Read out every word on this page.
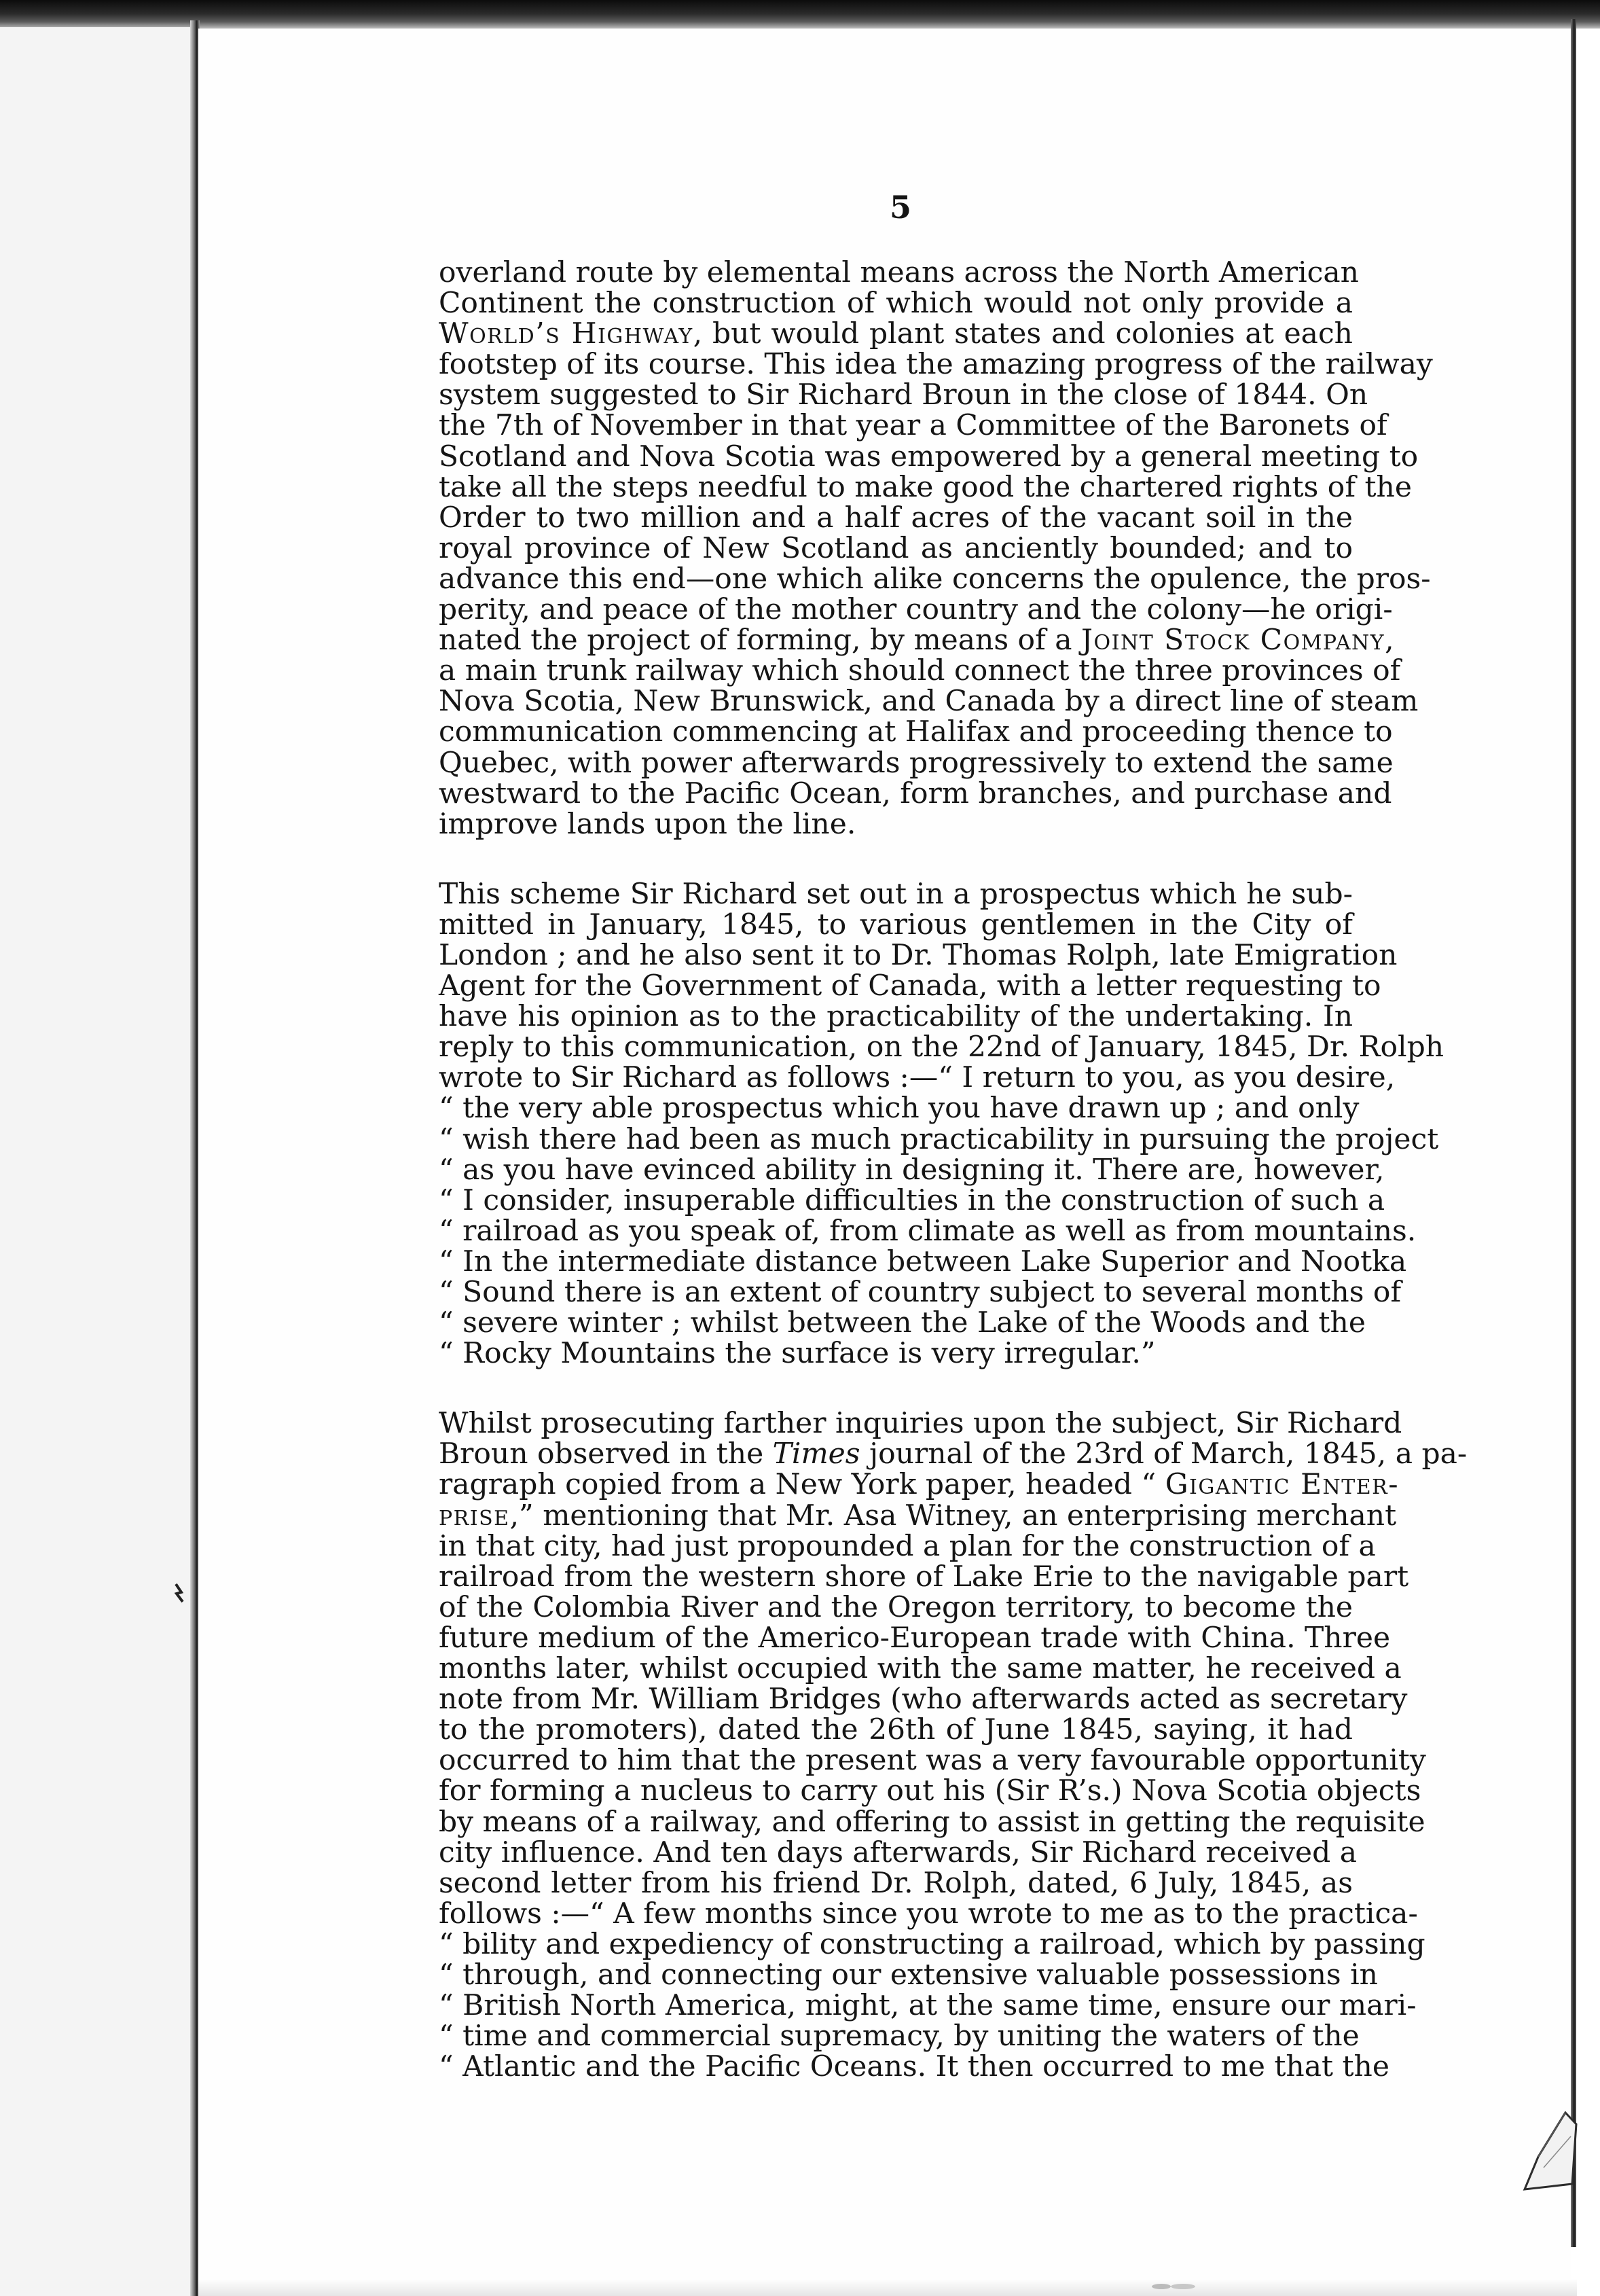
5
overland route by elemental means across the North American
Continent the construction of which would not only provide a
World’s Highway, but would plant states and colonies at each
footstep of its course. This idea the amazing progress of the railway
system suggested to Sir Richard Broun in the close of 1844. On
the 7th of November in that year a Committee of the Baronets of
Scotland and Nova Scotia was empowered by a general meeting to
take all the steps needful to make good the chartered rights of the
Order to two million and a half acres of the vacant soil in the
royal province of New Scotland as anciently bounded; and to
advance this end—one which alike concerns the opulence, the pros-
perity, and peace of the mother country and the colony—he origi-
nated the project of forming, by means of a Joint Stock Company,
a main trunk railway which should connect the three provinces of
Nova Scotia, New Brunswick, and Canada by a direct line of steam
communication commencing at Halifax and proceeding thence to
Quebec, with power afterwards progressively to extend the same
westward to the Pacific Ocean, form branches, and purchase and
improve lands upon the line.
This scheme Sir Richard set out in a prospectus which he sub-
mitted in January, 1845, to various gentlemen in the City of
London ; and he also sent it to Dr. Thomas Rolph, late Emigration
Agent for the Government of Canada, with a letter requesting to
have his opinion as to the practicability of the undertaking. In
reply to this communication, on the 22nd of January, 1845, Dr. Rolph
wrote to Sir Richard as follows :—“ I return to you, as you desire,
“ the very able prospectus which you have drawn up ; and only
“ wish there had been as much practicability in pursuing the project
“ as you have evinced ability in designing it. There are, however,
“ I consider, insuperable difficulties in the construction of such a
“ railroad as you speak of, from climate as well as from mountains.
“ In the intermediate distance between Lake Superior and Nootka
“ Sound there is an extent of country subject to several months of
“ severe winter ; whilst between the Lake of the Woods and the
“ Rocky Mountains the surface is very irregular.”
Whilst prosecuting farther inquiries upon the subject, Sir Richard
Broun observed in the Times journal of the 23rd of March, 1845, a pa-
ragraph copied from a New York paper, headed “ Gigantic Enter-
prise,” mentioning that Mr. Asa Witney, an enterprising merchant
in that city, had just propounded a plan for the construction of a
railroad from the western shore of Lake Erie to the navigable part
of the Colombia River and the Oregon territory, to become the
future medium of the Americo-European trade with China. Three
months later, whilst occupied with the same matter, he received a
note from Mr. William Bridges (who afterwards acted as secretary
to the promoters), dated the 26th of June 1845, saying, it had
occurred to him that the present was a very favourable opportunity
for forming a nucleus to carry out his (Sir R’s.) Nova Scotia objects
by means of a railway, and offering to assist in getting the requisite
city influence. And ten days afterwards, Sir Richard received a
second letter from his friend Dr. Rolph, dated, 6 July, 1845, as
follows :—“ A few months since you wrote to me as to the practica-
“ bility and expediency of constructing a railroad, which by passing
“ through, and connecting our extensive valuable possessions in
“ British North America, might, at the same time, ensure our mari-
“ time and commercial supremacy, by uniting the waters of the
“ Atlantic and the Pacific Oceans. It then occurred to me that the
